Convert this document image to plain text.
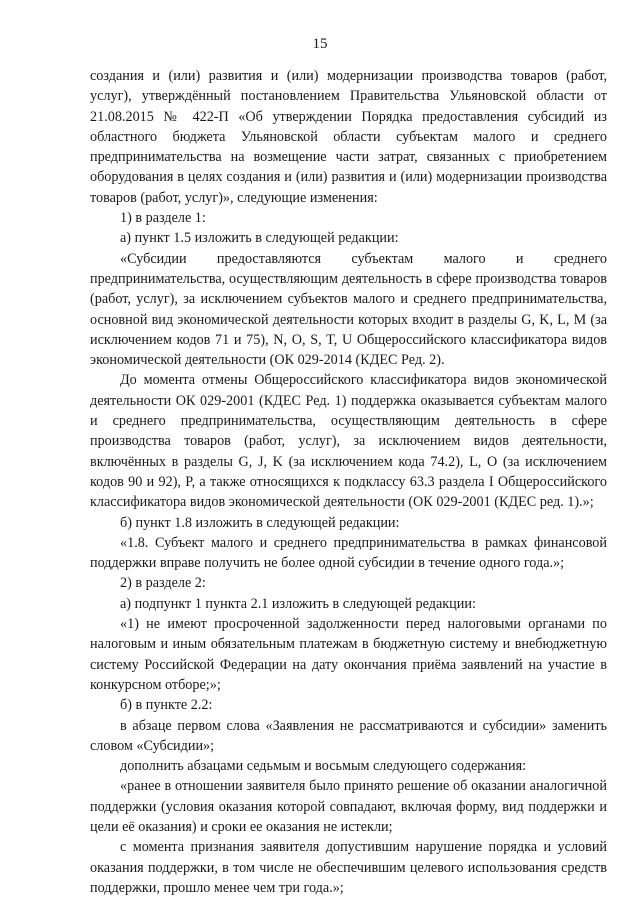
15

создания и (или) развития и (или) модернизации производства товаров (работ, услуг), утверждённый постановлением Правительства Ульяновской области от 21.08.2015 № 422-П «Об утверждении Порядка предоставления субсидий из областного бюджета Ульяновской области субъектам малого и среднего предпринимательства на возмещение части затрат, связанных с приобретением оборудования в целях создания и (или) развития и (или) модернизации производства товаров (работ, услуг)», следующие изменения:

1) в разделе 1:

а) пункт 1.5 изложить в следующей редакции:

«Субсидии предоставляются субъектам малого и среднего предпринимательства, осуществляющим деятельность в сфере производства товаров (работ, услуг), за исключением субъектов малого и среднего предпринимательства, основной вид экономической деятельности которых входит в разделы G, K, L, M (за исключением кодов 71 и 75), N, O, S, T, U Общероссийского классификатора видов экономической деятельности (ОК 029-2014 (КДЕС Ред. 2).

До момента отмены Общероссийского классификатора видов экономической деятельности ОК 029-2001 (КДЕС Ред. 1) поддержка оказывается субъектам малого и среднего предпринимательства, осуществляющим деятельность в сфере производства товаров (работ, услуг), за исключением видов деятельности, включённых в разделы G, J, K (за исключением кода 74.2), L, O (за исключением кодов 90 и 92), P, а также относящихся к подклассу 63.3 раздела I Общероссийского классификатора видов экономической деятельности (ОК 029-2001 (КДЕС ред. 1).»;

б) пункт 1.8 изложить в следующей редакции:

«1.8. Субъект малого и среднего предпринимательства в рамках финансовой поддержки вправе получить не более одной субсидии в течение одного года.»;

2) в разделе 2:

а) подпункт 1 пункта 2.1 изложить в следующей редакции:

«1) не имеют просроченной задолженности перед налоговыми органами по налоговым и иным обязательным платежам в бюджетную систему и внебюджетную систему Российской Федерации на дату окончания приёма заявлений на участие в конкурсном отборе;»;

б) в пункте 2.2:

в абзаце первом слова «Заявления не рассматриваются и субсидии» заменить словом «Субсидии»;

дополнить абзацами седьмым и восьмым следующего содержания:

«ранее в отношении заявителя было принято решение об оказании аналогичной поддержки (условия оказания которой совпадают, включая форму, вид поддержки и цели её оказания) и сроки ее оказания не истекли;

с момента признания заявителя допустившим нарушение порядка и условий оказания поддержки, в том числе не обеспечившим целевого использования средств поддержки, прошло менее чем три года.»;
